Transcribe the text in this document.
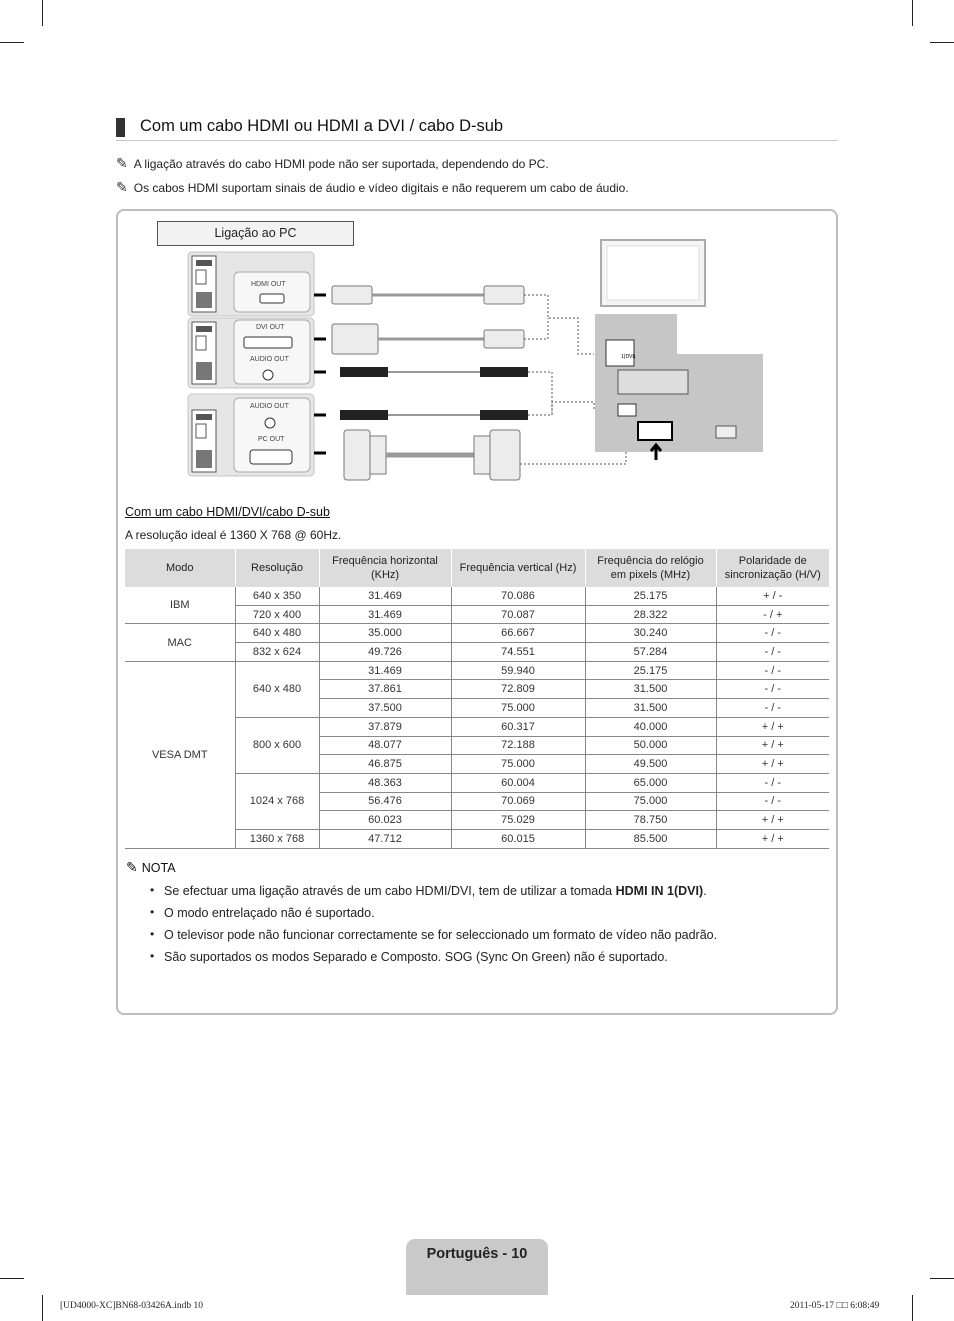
Com um cabo HDMI ou HDMI a DVI / cabo D-sub
✎ A ligação através do cabo HDMI pode não ser suportada, dependendo do PC.
✎ Os cabos HDMI suportam sinais de áudio e vídeo digitais e não requerem um cabo de áudio.
Ligação ao PC
HDMI OUT
DVI OUT
AUDIO OUT
AUDIO OUT
PC OUT
1(DVI)
Com um cabo HDMI/DVI/cabo D-sub
A resolução ideal é 1360 X 768 @ 60Hz.
Modo	Resolução	Frequência horizontal (KHz)	Frequência vertical (Hz)	Frequência do relógio em pixels (MHz)	Polaridade de sincronização (H/V)
IBM	640 x 350	31.469	70.086	25.175	+ / -
	720 x 400	31.469	70.087	28.322	- / +
MAC	640 x 480	35.000	66.667	30.240	- / -
	832 x 624	49.726	74.551	57.284	- / -
VESA DMT	640 x 480	31.469	59.940	25.175	- / -
		37.861	72.809	31.500	- / -
		37.500	75.000	31.500	- / -
	800 x 600	37.879	60.317	40.000	+ / +
		48.077	72.188	50.000	+ / +
		46.875	75.000	49.500	+ / +
	1024 x 768	48.363	60.004	65.000	- / -
		56.476	70.069	75.000	- / -
		60.023	75.029	78.750	+ / +
	1360 x 768	47.712	60.015	85.500	+ / +
✎ NOTA
• Se efectuar uma ligação através de um cabo HDMI/DVI, tem de utilizar a tomada HDMI IN 1(DVI).
• O modo entrelaçado não é suportado.
• O televisor pode não funcionar correctamente se for seleccionado um formato de vídeo não padrão.
• São suportados os modos Separado e Composto. SOG (Sync On Green) não é suportado.
Português - 10
[UD4000-XC]BN68-03426A.indb 10	2011-05-17 □□ 6:08:49
